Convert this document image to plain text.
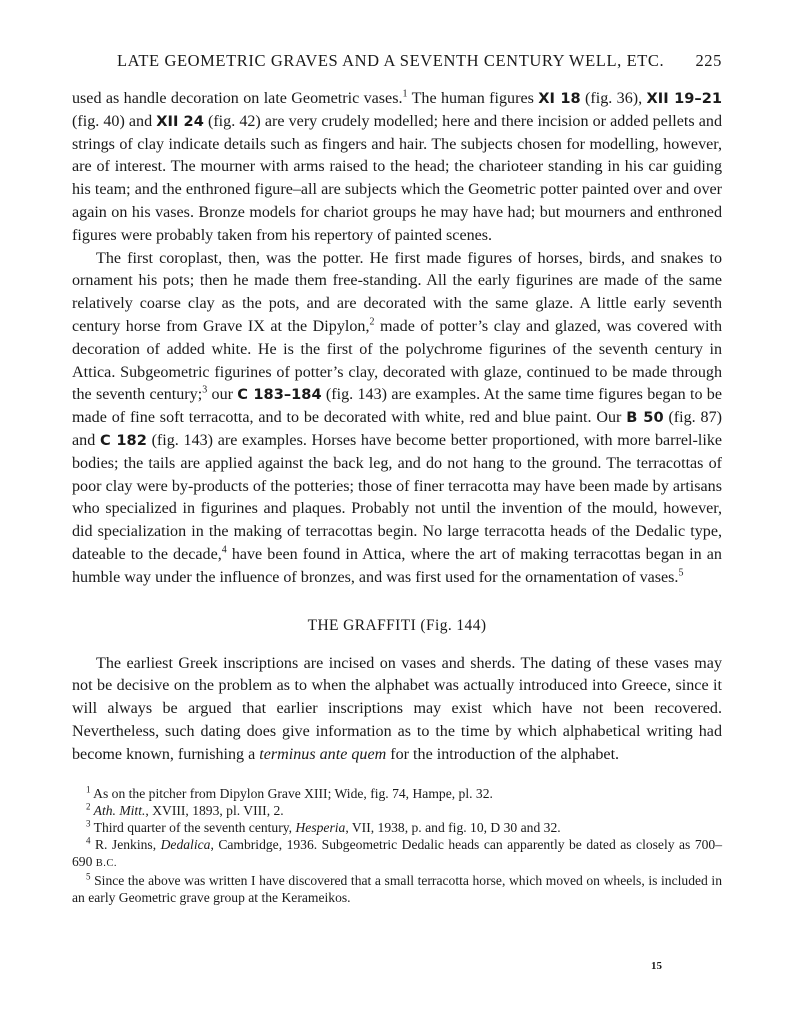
LATE GEOMETRIC GRAVES AND A SEVENTH CENTURY WELL, ETC. 225

used as handle decoration on late Geometric vases.$^1$ The human figures XI 18 (fig. 36), XII 19–21 (fig. 40) and XII 24 (fig. 42) are very crudely modelled; here and there incision or added pellets and strings of clay indicate details such as fingers and hair. The subjects chosen for modelling, however, are of interest. The mourner with arms raised to the head; the charioteer standing in his car guiding his team; and the enthroned figure–all are subjects which the Geometric potter painted over and over again on his vases. Bronze models for chariot groups he may have had; but mourners and enthroned figures were probably taken from his repertory of painted scenes.

The first coroplast, then, was the potter. He first made figures of horses, birds, and snakes to ornament his pots; then he made them free-standing. All the early figurines are made of the same relatively coarse clay as the pots, and are decorated with the same glaze. A little early seventh century horse from Grave IX at the Dipylon,$^2$ made of potter’s clay and glazed, was covered with decoration of added white. He is the first of the polychrome figurines of the seventh century in Attica. Subgeometric figurines of potter’s clay, decorated with glaze, continued to be made through the seventh century;$^3$ our C 183–184 (fig. 143) are examples. At the same time figures began to be made of fine soft terracotta, and to be decorated with white, red and blue paint. Our B 50 (fig. 87) and C 182 (fig. 143) are examples. Horses have become better proportioned, with more barrel-like bodies; the tails are applied against the back leg, and do not hang to the ground. The terracottas of poor clay were by-products of the potteries; those of finer terracotta may have been made by artisans who specialized in figurines and plaques. Probably not until the invention of the mould, however, did specialization in the making of terracottas begin. No large terracotta heads of the Dedalic type, dateable to the decade,$^4$ have been found in Attica, where the art of making terracottas began in an humble way under the influence of bronzes, and was first used for the ornamentation of vases.$^5$

THE GRAFFITI (Fig. 144)

The earliest Greek inscriptions are incised on vases and sherds. The dating of these vases may not be decisive on the problem as to when the alphabet was actually introduced into Greece, since it will always be argued that earlier inscriptions may exist which have not been recovered. Nevertheless, such dating does give information as to the time by which alphabetical writing had become known, furnishing a terminus ante quem for the introduction of the alphabet.

$^1$ As on the pitcher from Dipylon Grave XIII; Wide, fig. 74, Hampe, pl. 32.

$^2$ Ath. Mitt., XVIII, 1893, pl. VIII, 2.

$^3$ Third quarter of the seventh century, Hesperia, VII, 1938, p. and fig. 10, D 30 and 32.

$^4$ R. Jenkins, Dedalica, Cambridge, 1936. Subgeometric Dedalic heads can apparently be dated as closely as 700–690 B.C.

$^5$ Since the above was written I have discovered that a small terracotta horse, which moved on wheels, is included in an early Geometric grave group at the Kerameikos.

15
